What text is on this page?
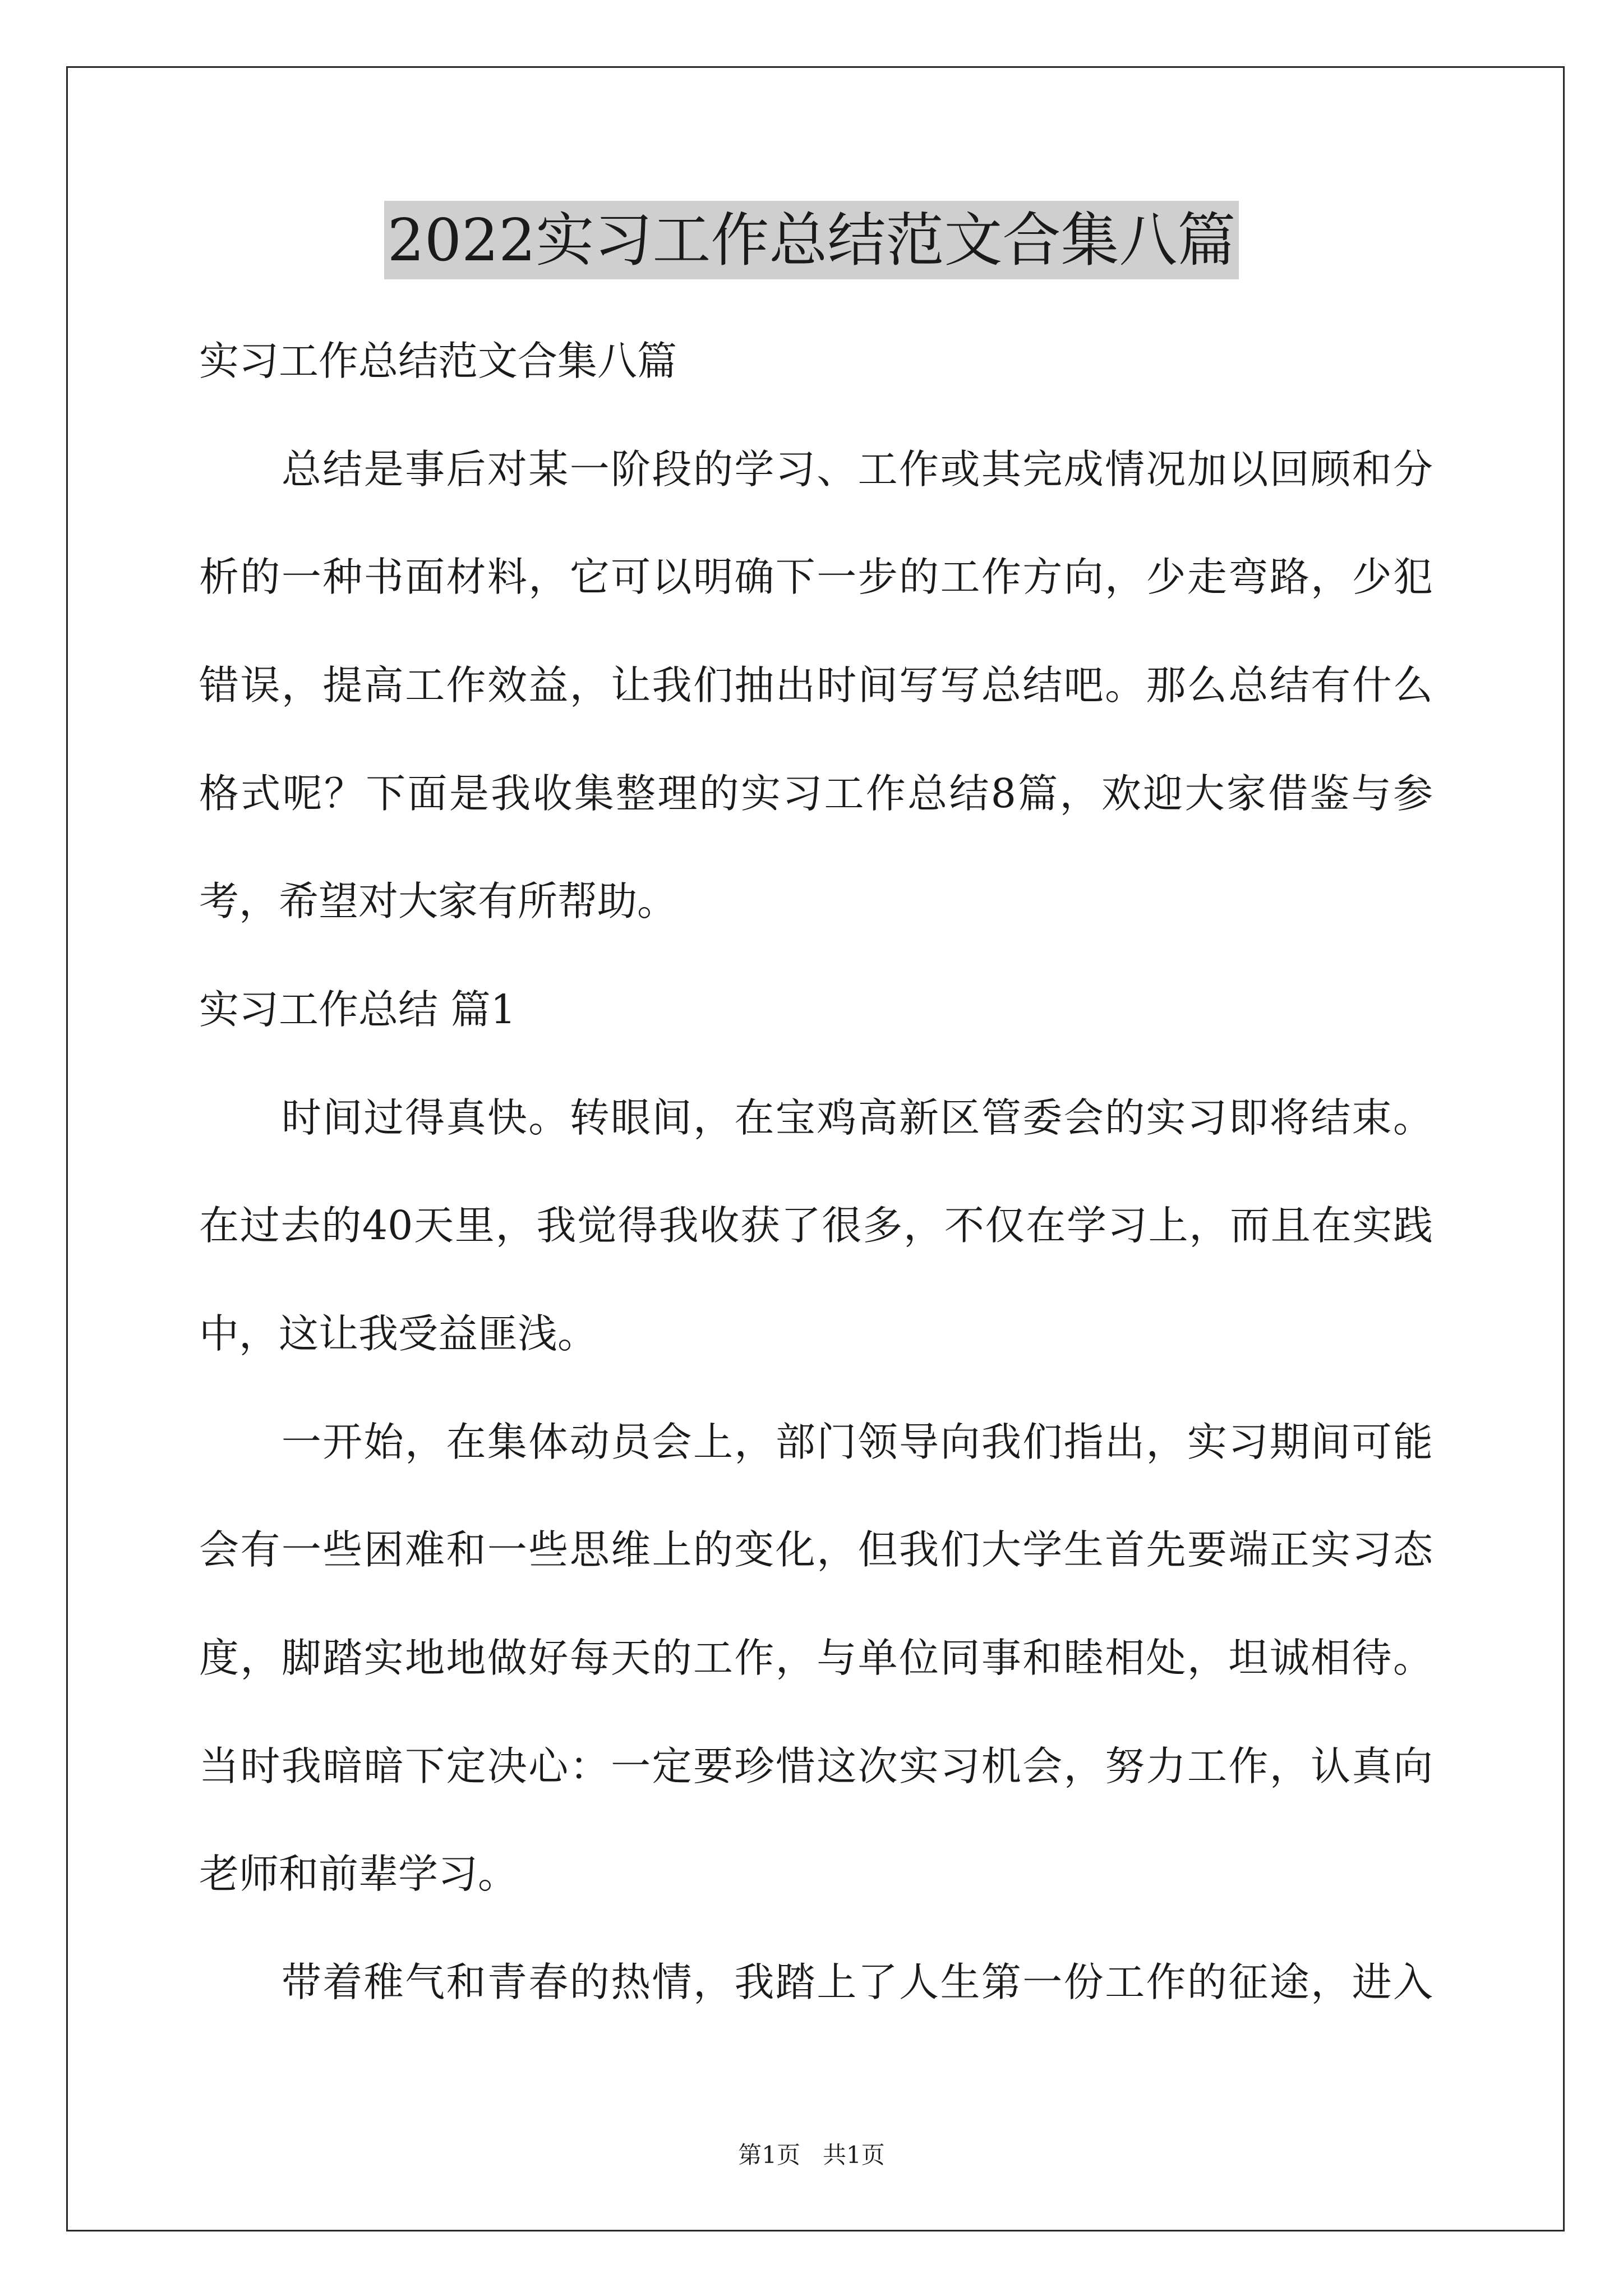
2022实习工作总结范文合集八篇
实习工作总结范文合集八篇
　　总结是事后对某一阶段的学习、工作或其完成情况加以回顾和分
析的一种书面材料，它可以明确下一步的工作方向，少走弯路，少犯
错误，提高工作效益，让我们抽出时间写写总结吧。那么总结有什么
格式呢？下面是我收集整理的实习工作总结8篇，欢迎大家借鉴与参
考，希望对大家有所帮助。
实习工作总结 篇1
　　时间过得真快。转眼间，在宝鸡高新区管委会的实习即将结束。
在过去的40天里，我觉得我收获了很多，不仅在学习上，而且在实践
中，这让我受益匪浅。
　　一开始，在集体动员会上，部门领导向我们指出，实习期间可能
会有一些困难和一些思维上的变化，但我们大学生首先要端正实习态
度，脚踏实地地做好每天的工作，与单位同事和睦相处，坦诚相待。
当时我暗暗下定决心：一定要珍惜这次实习机会，努力工作，认真向
老师和前辈学习。
　　带着稚气和青春的热情，我踏上了人生第一份工作的征途，进入
第1页   共1页
